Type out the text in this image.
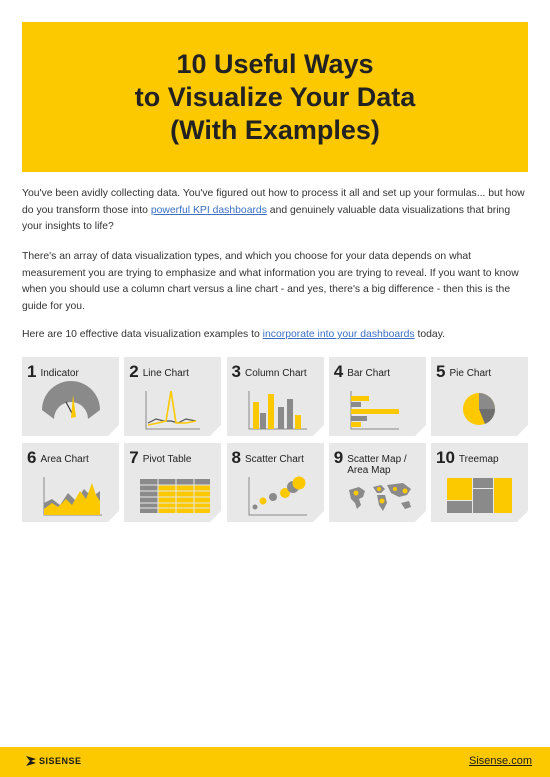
10 Useful Ways
to Visualize Your Data
(With Examples)

You've been avidly collecting data. You've figured out how to process it all and set up your formulas... but how do you transform those into powerful KPI dashboards and genuinely valuable data visualizations that bring your insights to life?

There's an array of data visualization types, and which you choose for your data depends on what measurement you are trying to emphasize and what information you are trying to reveal. If you want to know when you should use a column chart versus a line chart - and yes, there's a big difference - then this is the guide for you.

Here are 10 effective data visualization examples to incorporate into your dashboards today.

1 Indicator	2 Line Chart	3 Column Chart 4 Bar Chart	5 Pie Chart
6 Area Chart 7 Pivot Table 8 Scatter Chart 9 Scatter Map / Area Map
10 Treemap
SISENSE	Sisense.com
